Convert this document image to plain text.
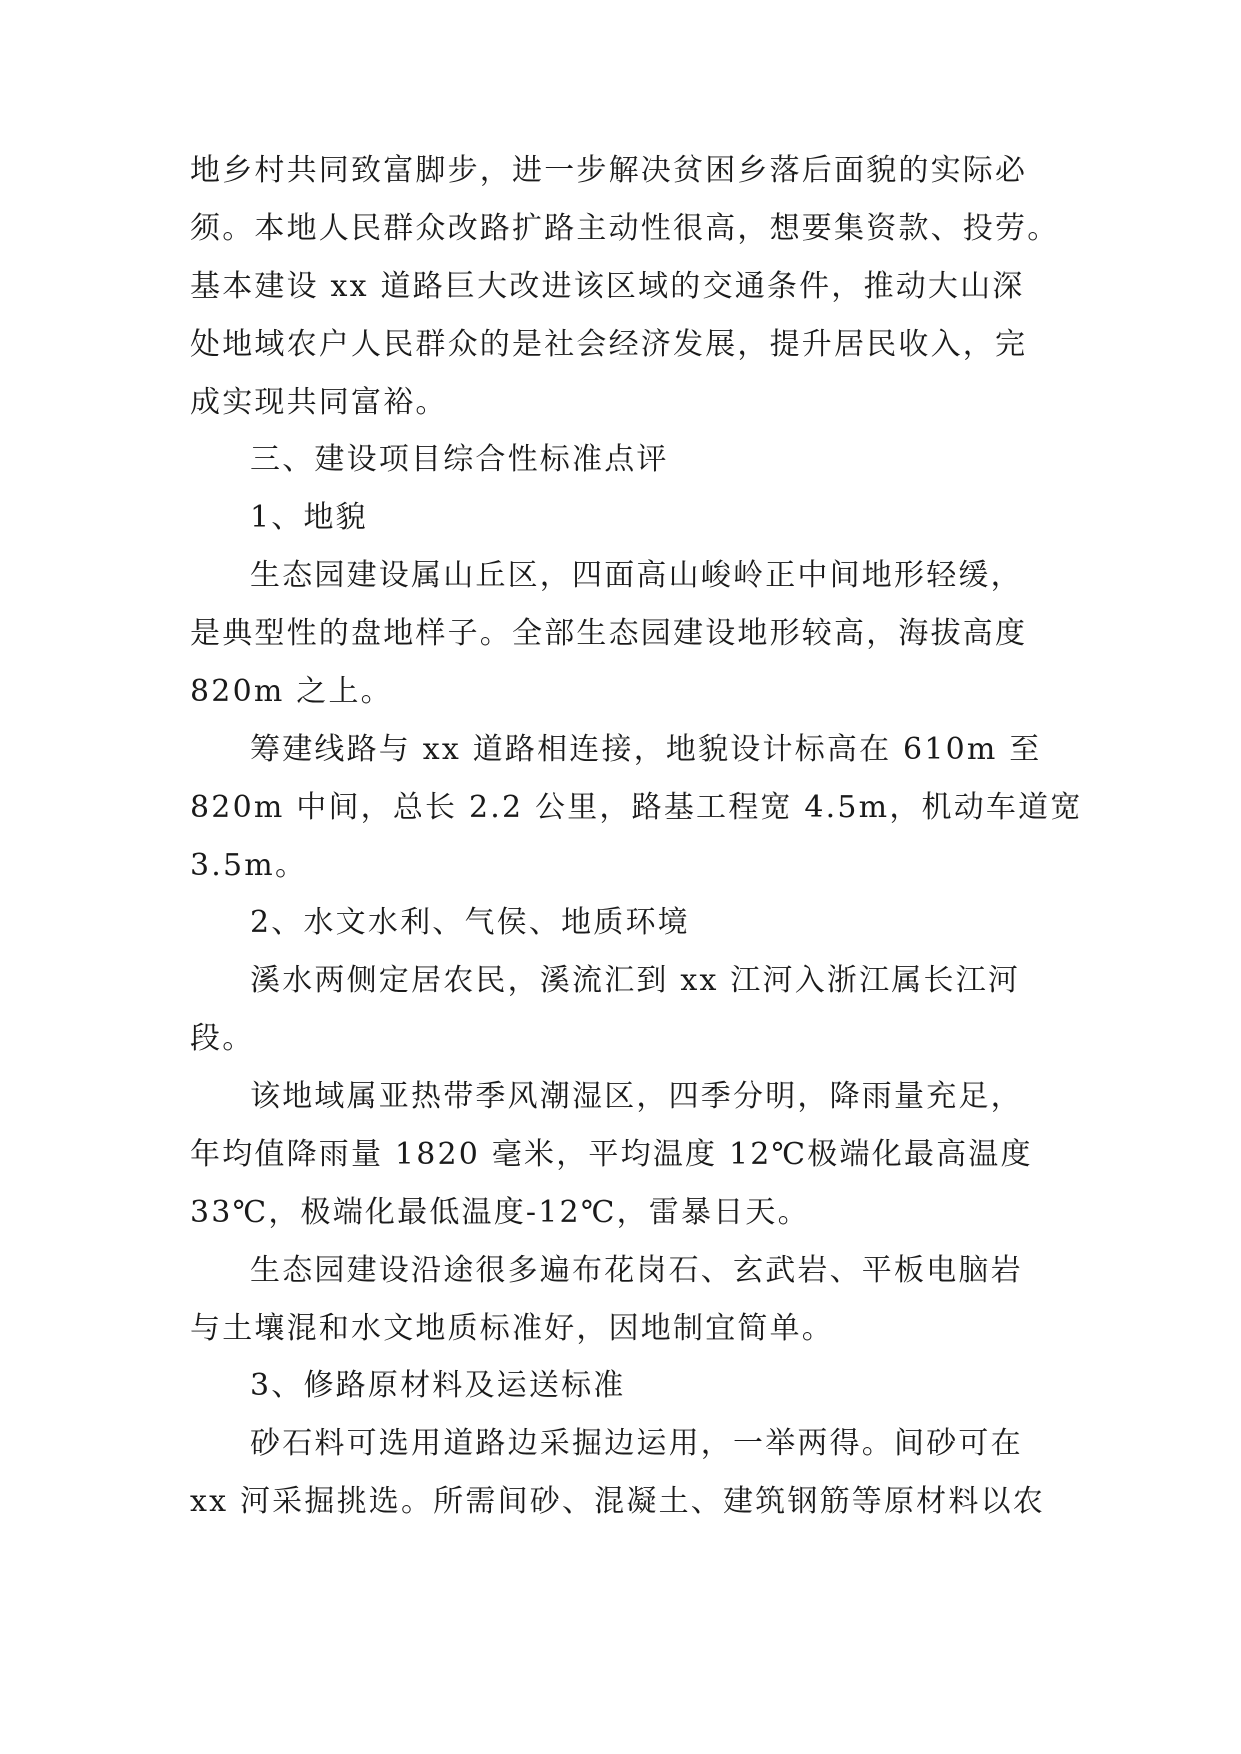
地乡村共同致富脚步，进一步解决贫困乡落后面貌的实际必
须。本地人民群众改路扩路主动性很高，想要集资款、投劳。
基本建设 xx 道路巨大改进该区域的交通条件，推动大山深
处地域农户人民群众的是社会经济发展，提升居民收入，完
成实现共同富裕。
三、建设项目综合性标准点评
1、地貌
生态园建设属山丘区，四面高山峻岭正中间地形轻缓，
是典型性的盘地样子。全部生态园建设地形较高，海拔高度
820m 之上。
筹建线路与 xx 道路相连接，地貌设计标高在 610m 至
820m 中间，总长 2.2 公里，路基工程宽 4.5m，机动车道宽
3.5m。
2、水文水利、气侯、地质环境
溪水两侧定居农民，溪流汇到 xx 江河入浙江属长江河
段。
该地域属亚热带季风潮湿区，四季分明，降雨量充足，
年均值降雨量 1820 毫米，平均温度 12℃极端化最高温度
33℃，极端化最低温度-12℃，雷暴日天。
生态园建设沿途很多遍布花岗石、玄武岩、平板电脑岩
与土壤混和水文地质标准好，因地制宜简单。
3、修路原材料及运送标准
砂石料可选用道路边采掘边运用，一举两得。间砂可在
xx 河采掘挑选。所需间砂、混凝土、建筑钢筋等原材料以农
